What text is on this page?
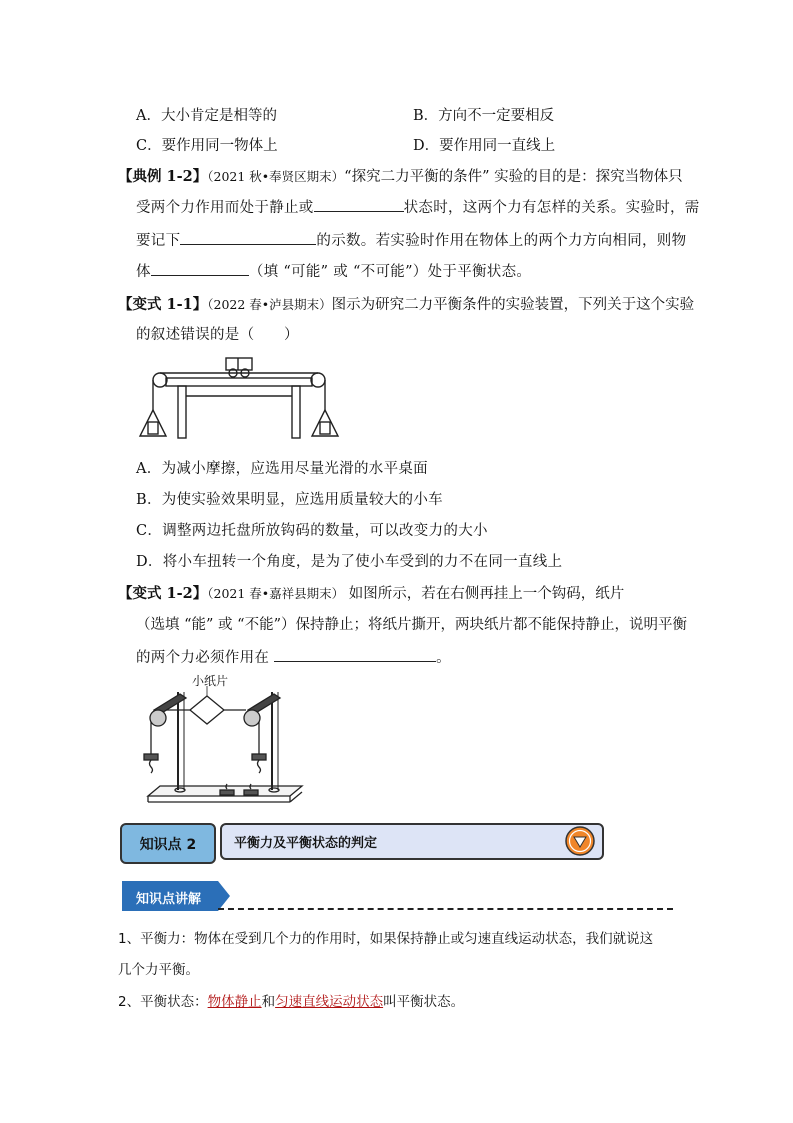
A．大小肯定是相等的	B．方向不一定要相反
C．要作用同一物体上	D．要作用同一直线上
【典例 1-2】（2021 秋•奉贤区期末）“探究二力平衡的条件” 实验的目的是：探究当物体只
受两个力作用而处于静止或	状态时，这两个力有怎样的关系。实验时，需
要记下	的示数。若实验时作用在物体上的两个力方向相同，则物
体	（填 “可能” 或 “不可能”）处于平衡状态。
【变式 1-1】（2022 春•泸县期末）图示为研究二力平衡条件的实验装置，下列关于这个实验
的叙述错误的是（　　）
A．为减小摩擦，应选用尽量光滑的水平桌面
B．为使实验效果明显，应选用质量较大的小车
C．调整两边托盘所放钩码的数量，可以改变力的大小
D．将小车扭转一个角度，是为了使小车受到的力不在同一直线上
【变式 1-2】（2021 春•嘉祥县期末） 如图所示，若在右侧再挂上一个钩码，纸片
（选填 “能” 或 “不能”）保持静止；将纸片撕开，两块纸片都不能保持静止，说明平衡
的两个力必须作用在	。
小纸片
知识点 2	平衡力及平衡状态的判定
知识点讲解
1、平衡力：物体在受到几个力的作用时，如果保持静止或匀速直线运动状态，我们就说这
几个力平衡。
2、平衡状态：物体静止和匀速直线运动状态叫平衡状态。
